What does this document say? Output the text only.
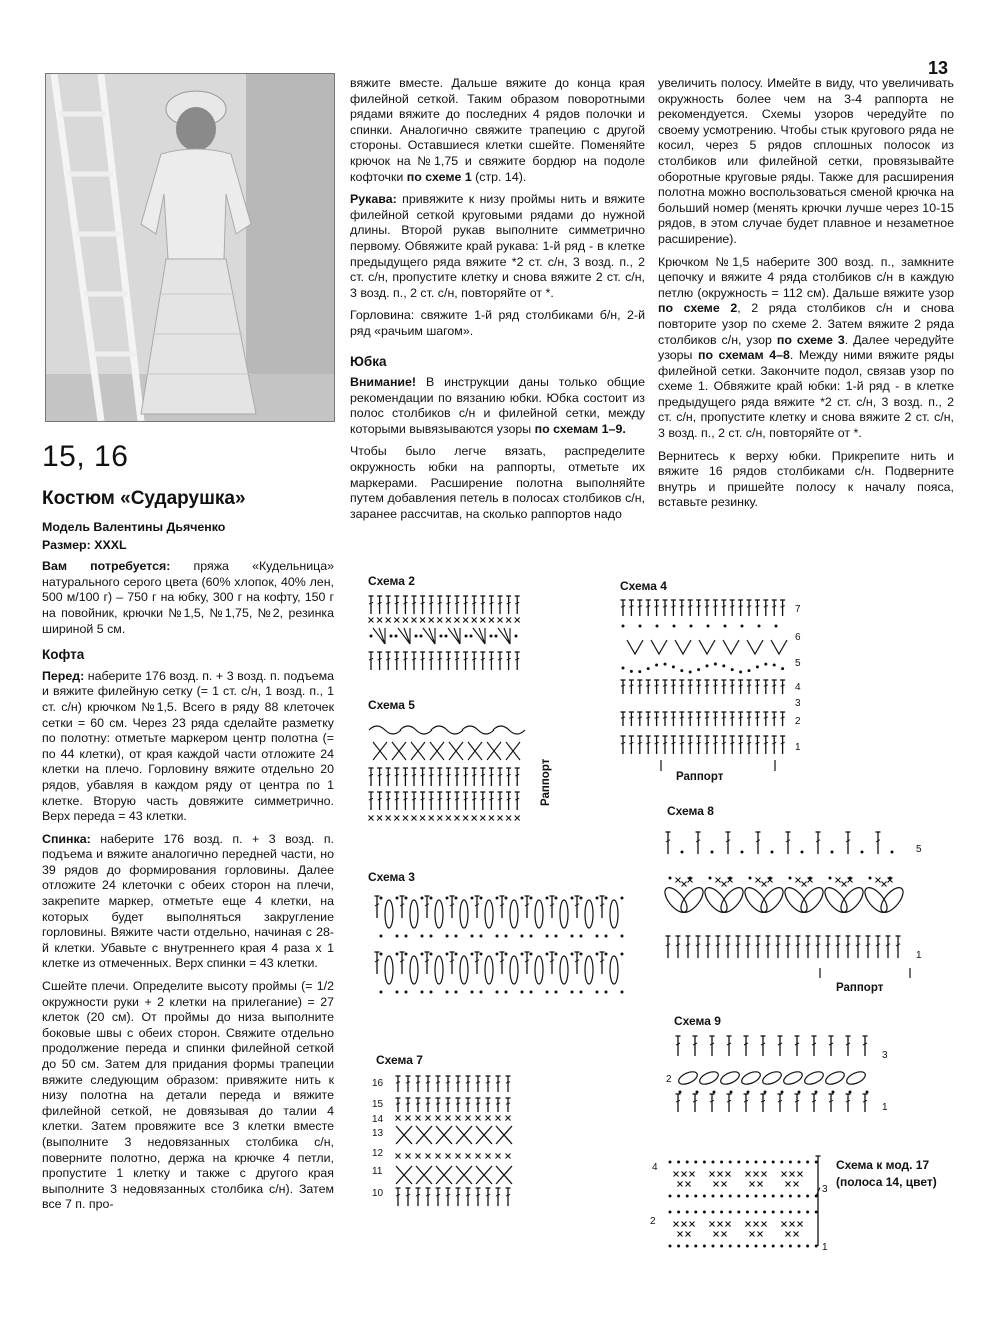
13
15, 16
Костюм «Сударушка»
Модель Валентины Дьяченко
Размер: XXXL

Вам потребуется: пряжа «Кудельница» натурального серого цвета (60% хлопок, 40% лен, 500 м/100 г) – 750 г на юбку, 300 г на кофту, 150 г на повойник, крючки №1,5, №1,75, №2, резинка шириной 5 см.

Кофта

Перед: наберите 176 возд. п. + 3 возд. п. подъема и вяжите филейную сетку (= 1 ст. с/н, 1 возд. п., 1 ст. с/н) крючком №1,5. Всего в ряду 88 клеточек сетки = 60 см. Через 23 ряда сделайте разметку по полотну: отметьте маркером центр полотна (= по 44 клетки), от края каждой части отложите 24 клетки на плечо. Горловину вяжите отдельно 20 рядов, убавляя в каждом ряду от центра по 1 клетке. Вторую часть довяжите симметрично. Верх переда = 43 клетки.

Спинка: наберите 176 возд. п. + 3 возд. п. подъема и вяжите аналогично передней части, но 39 рядов до формирования горловины. Далее отложите 24 клеточки с обеих сторон на плечи, закрепите маркер, отметьте еще 4 клетки, на которых будет выполняться закругление горловины. Вяжите части отдельно, начиная с 28-й клетки. Убавьте с внутреннего края 4 раза х 1 клетке из отмеченных. Верх спинки = 43 клетки.

Сшейте плечи. Определите высоту проймы (= 1/2 окружности руки + 2 клетки на прилегание) = 27 клеток (20 см). От проймы до низа выполните боковые швы с обеих сторон. Свяжите отдельно продолжение переда и спинки филейной сеткой до 50 см. Затем для придания формы трапеции вяжите следующим образом: привяжите нить к низу полотна на детали переда и вяжите филейной сеткой, не довязывая до талии 4 клетки. Затем провяжите все 3 клетки вместе (выполните 3 недовязанных столбика с/н, поверните полотно, держа на крючке 4 петли, пропустите 1 клетку и также с другого края выполните 3 недовязанных столбика с/н). Затем все 7 п. про-

вяжите вместе. Дальше вяжите до конца края филейной сеткой. Таким образом поворотными рядами вяжите до последних 4 рядов полочки и спинки. Аналогично свяжите трапецию с другой стороны. Оставшиеся клетки сшейте. Поменяйте крючок на №1,75 и свяжите бордюр на подоле кофточки по схеме 1 (стр. 14).

Рукава: привяжите к низу проймы нить и вяжите филейной сеткой круговыми рядами до нужной длины. Второй рукав выполните симметрично первому. Обвяжите край рукава: 1-й ряд - в клетке предыдущего ряда вяжите *2 ст. с/н, 3 возд. п., 2 ст. с/н, пропустите клетку и снова вяжите 2 ст. с/н, 3 возд. п., 2 ст. с/н, повторяйте от *.

Горловина: свяжите 1-й ряд столбиками б/н, 2-й ряд «рачьим шагом».

Юбка

Внимание! В инструкции даны только общие рекомендации по вязанию юбки. Юбка состоит из полос столбиков с/н и филейной сетки, между которыми вывязываются узоры по схемам 1–9.

Чтобы было легче вязать, распределите окружность юбки на раппорты, отметьте их маркерами. Расширение полотна выполняйте путем добавления петель в полосах столбиков с/н, заранее рассчитав, на сколько раппортов надо

увеличить полосу. Имейте в виду, что увеличивать окружность более чем на 3-4 раппорта не рекомендуется. Схемы узоров чередуйте по своему усмотрению. Чтобы стык кругового ряда не косил, через 5 рядов сплошных полосок из столбиков или филейной сетки, провязывайте оборотные круговые ряды. Также для расширения полотна можно воспользоваться сменой крючка на больший номер (менять крючки лучше через 10-15 рядов, в этом случае будет плавное и незаметное расширение).

Крючком №1,5 наберите 300 возд. п., замкните цепочку и вяжите 4 ряда столбиков с/н в каждую петлю (окружность = 112 см). Дальше вяжите узор по схеме 2, 2 ряда столбиков с/н и снова повторите узор по схеме 2. Затем вяжите 2 ряда столбиков с/н, узор по схеме 3. Далее чередуйте узоры по схемам 4–8. Между ними вяжите ряды филейной сетки. Закончите подол, связав узор по схеме 1. Обвяжите край юбки: 1-й ряд - в клетке предыдущего ряда вяжите *2 ст. с/н, 3 возд. п., 2 ст. с/н, пропустите клетку и снова вяжите 2 ст. с/н, 3 возд. п., 2 ст. с/н, повторяйте от *.

Вернитесь к верху юбки. Прикрепите нить и вяжите 16 рядов столбиками с/н. Подверните внутрь и пришейте полосу к началу пояса, вставьте резинку.

Схема 2
Схема 5
Раппорт
Схема 3
Схема 7
16
15
14
13
12
11
10
Схема 4
7
6
5
4
3
2
1
Раппорт
Схема 8
5
1
Раппорт
Схема 9
3
2
1
4
3
2
1
Схема к мод. 17
(полоса 14, цвет)
